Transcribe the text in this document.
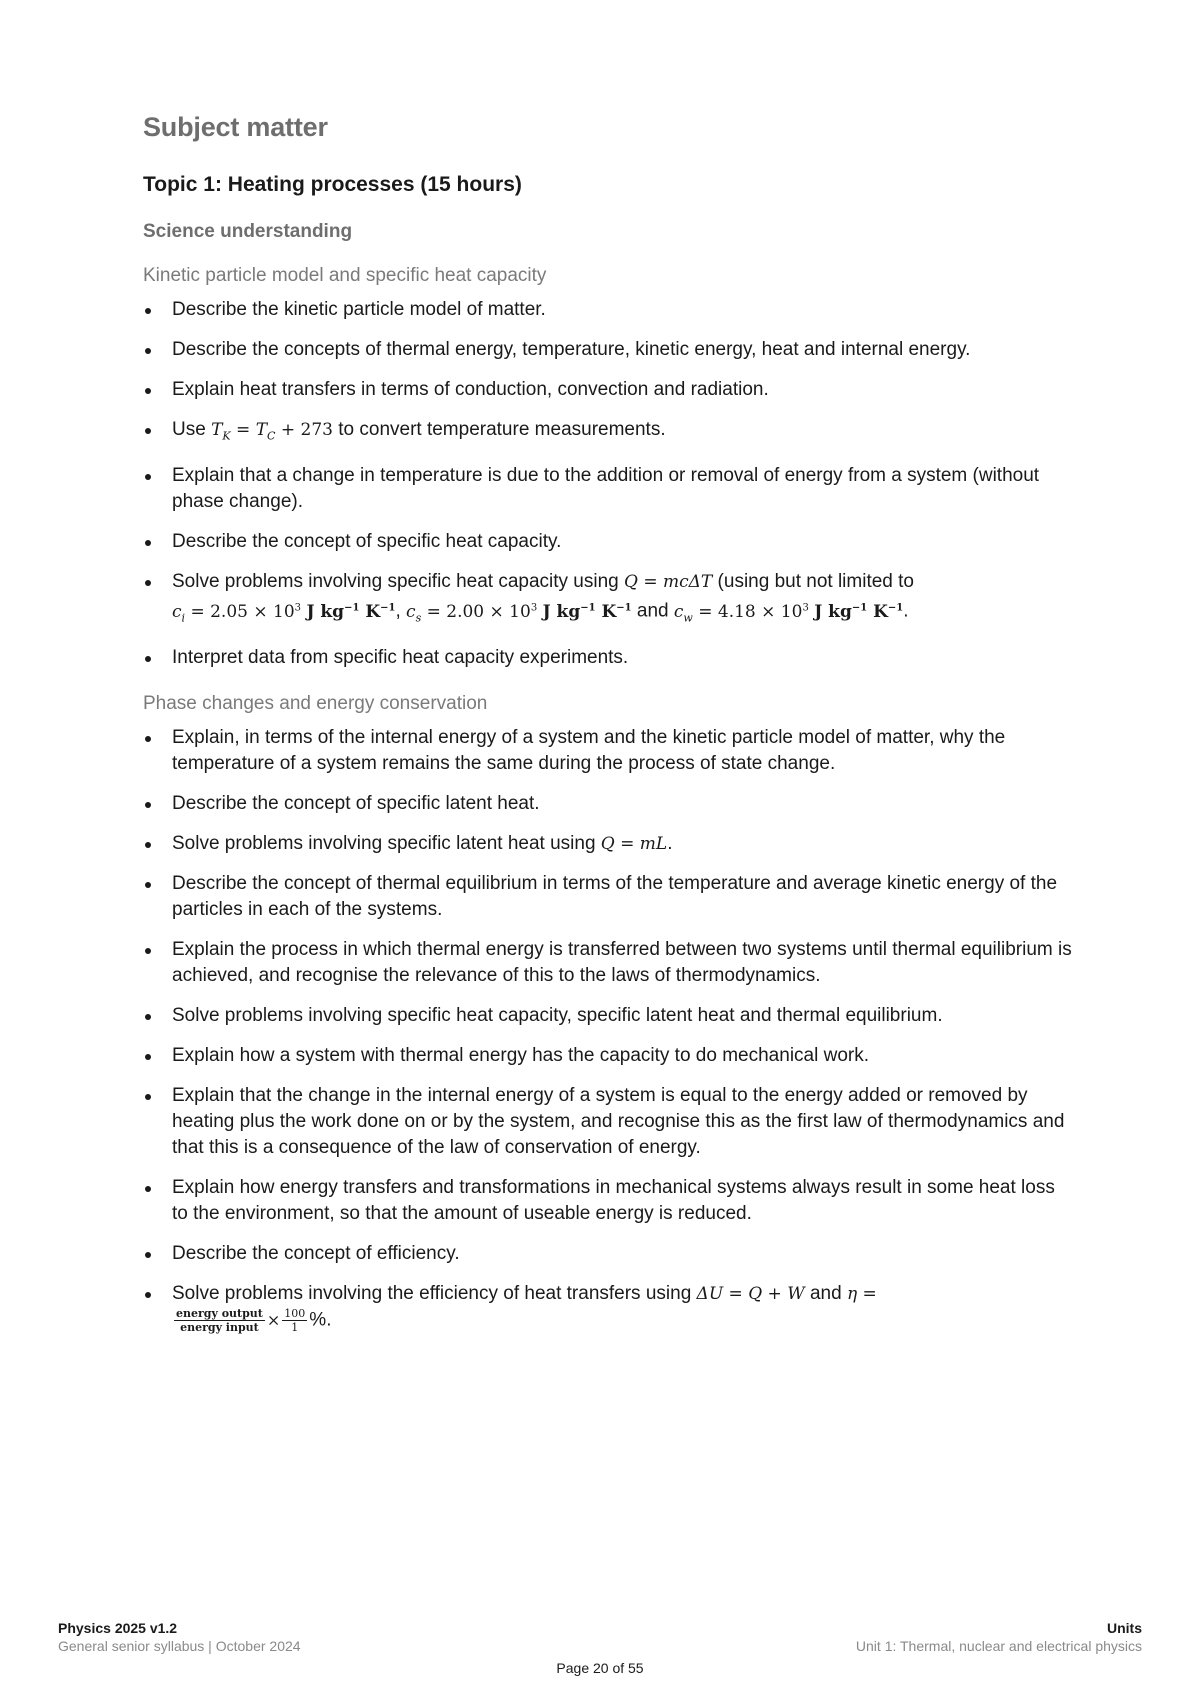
Subject matter
Topic 1: Heating processes (15 hours)
Science understanding
Kinetic particle model and specific heat capacity
Describe the kinetic particle model of matter.
Describe the concepts of thermal energy, temperature, kinetic energy, heat and internal energy.
Explain heat transfers in terms of conduction, convection and radiation.
Use $T_K = T_C + 273$ to convert temperature measurements.
Explain that a change in temperature is due to the addition or removal of energy from a system (without phase change).
Describe the concept of specific heat capacity.
Solve problems involving specific heat capacity using Q = mcΔT (using but not limited to
$c_i = 2.05 \times 10^3$ J $kg^{-1}$ $K^{-1}$, $c_s = 2.00 \times 10^3$ J $kg^{-1}$ $K^{-1}$ and $c_w = 4.18 \times 10^3$ J $kg^{-1}$ $K^{-1}$.
Interpret data from specific heat capacity experiments.
Phase changes and energy conservation
Explain, in terms of the internal energy of a system and the kinetic particle model of matter, why the temperature of a system remains the same during the process of state change.
Describe the concept of specific latent heat.
Solve problems involving specific latent heat using Q = mL.
Describe the concept of thermal equilibrium in terms of the temperature and average kinetic energy of the particles in each of the systems.
Explain the process in which thermal energy is transferred between two systems until thermal equilibrium is achieved, and recognise the relevance of this to the laws of thermodynamics.
Solve problems involving specific heat capacity, specific latent heat and thermal equilibrium.
Explain how a system with thermal energy has the capacity to do mechanical work.
Explain that the change in the internal energy of a system is equal to the energy added or removed by heating plus the work done on or by the system, and recognise this as the first law of thermodynamics and that this is a consequence of the law of conservation of energy.
Explain how energy transfers and transformations in mechanical systems always result in some heat loss to the environment, so that the amount of useable energy is reduced.
Describe the concept of efficiency.
Solve problems involving the efficiency of heat transfers using ΔU = Q + W and η =

$\frac{\text{energy output}}{\text{energy input}} \times \frac{100}{1}$ %.
Physics 2025 v1.2
General senior syllabus | October 2024
Units
Unit 1: Thermal, nuclear and electrical physics
Page 20 of 55
